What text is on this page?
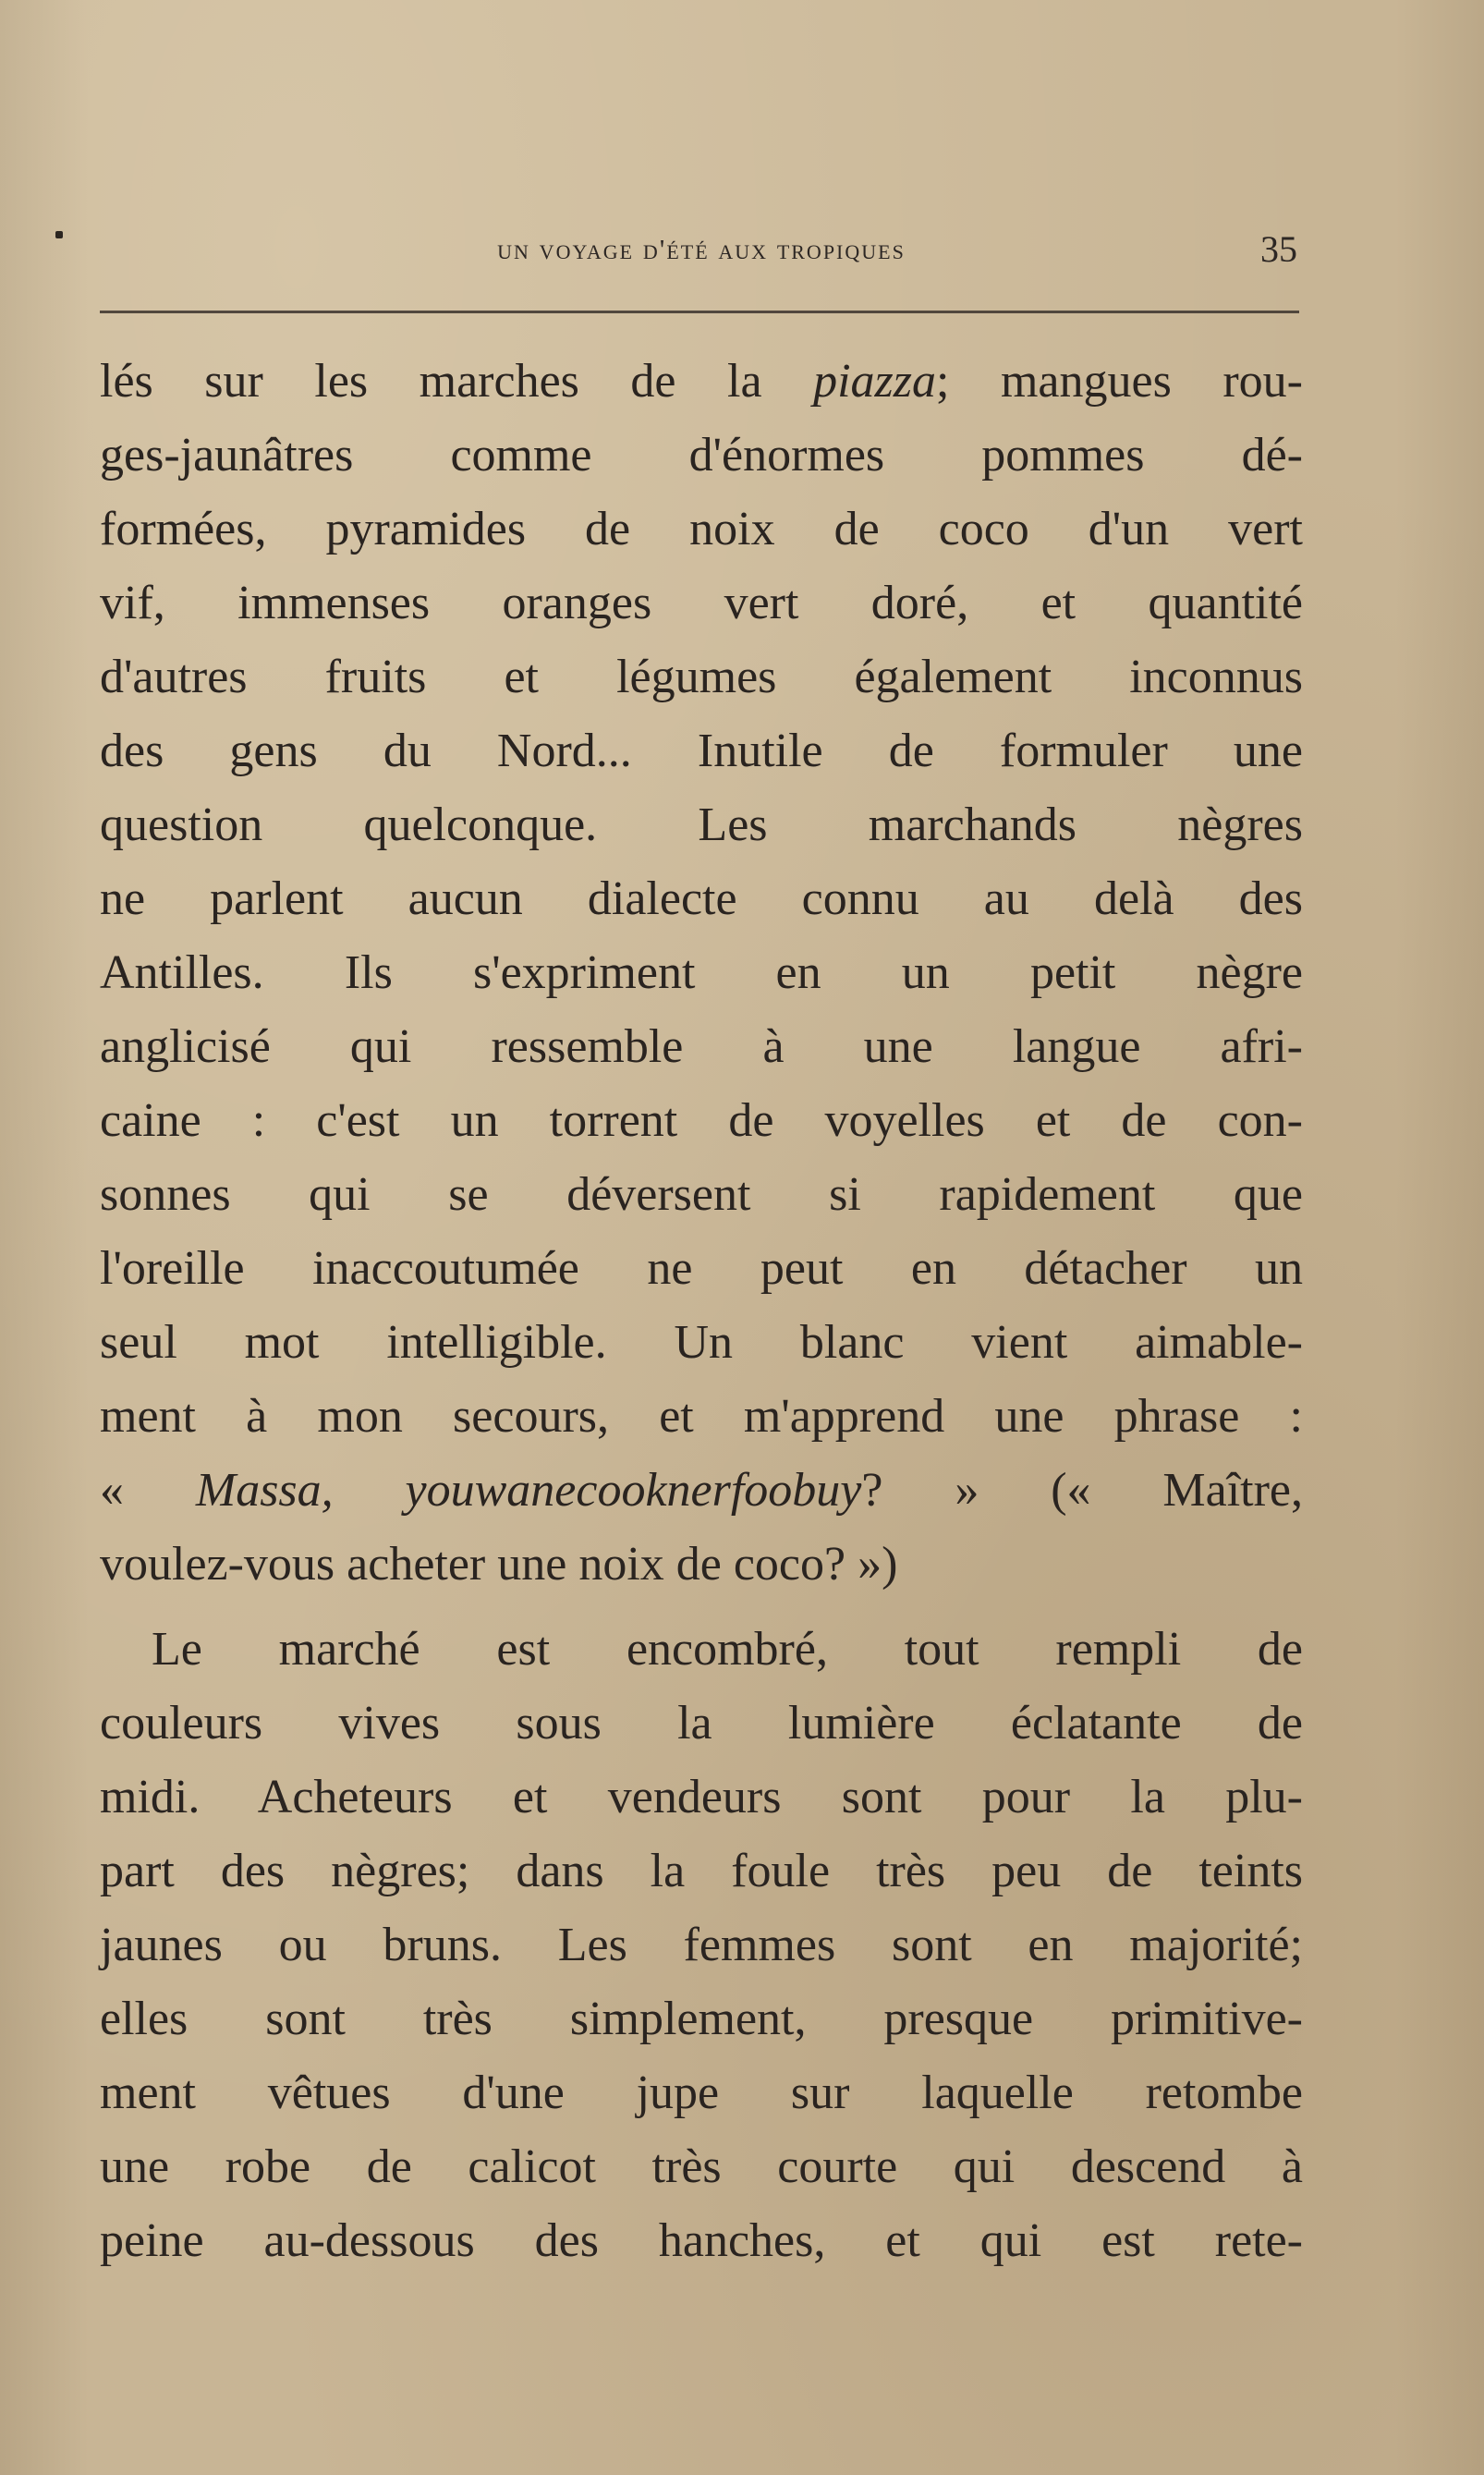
un voyage d'été aux tropiques	35
lés sur les marches de la piazza; mangues rou-
ges-jaunâtres comme d'énormes pommes dé-
formées, pyramides de noix de coco d'un vert
vif, immenses oranges vert doré, et quantité
d'autres fruits et légumes également inconnus
des gens du Nord... Inutile de formuler une
question quelconque. Les marchands nègres
ne parlent aucun dialecte connu au delà des
Antilles. Ils s'expriment en un petit nègre
anglicisé qui ressemble à une langue afri-
caine : c'est un torrent de voyelles et de con-
sonnes qui se déversent si rapidement que
l'oreille inaccoutumée ne peut en détacher un
seul mot intelligible. Un blanc vient aimable-
ment à mon secours, et m'apprend une phrase :
« Massa, youwanecooknerfoobuy? » (« Maître,
voulez-vous acheter une noix de coco? »)
Le marché est encombré, tout rempli de
couleurs vives sous la lumière éclatante de
midi. Acheteurs et vendeurs sont pour la plu-
part des nègres; dans la foule très peu de teints
jaunes ou bruns. Les femmes sont en majorité;
elles sont très simplement, presque primitive-
ment vêtues d'une jupe sur laquelle retombe
une robe de calicot très courte qui descend à
peine au-dessous des hanches, et qui est rete-
